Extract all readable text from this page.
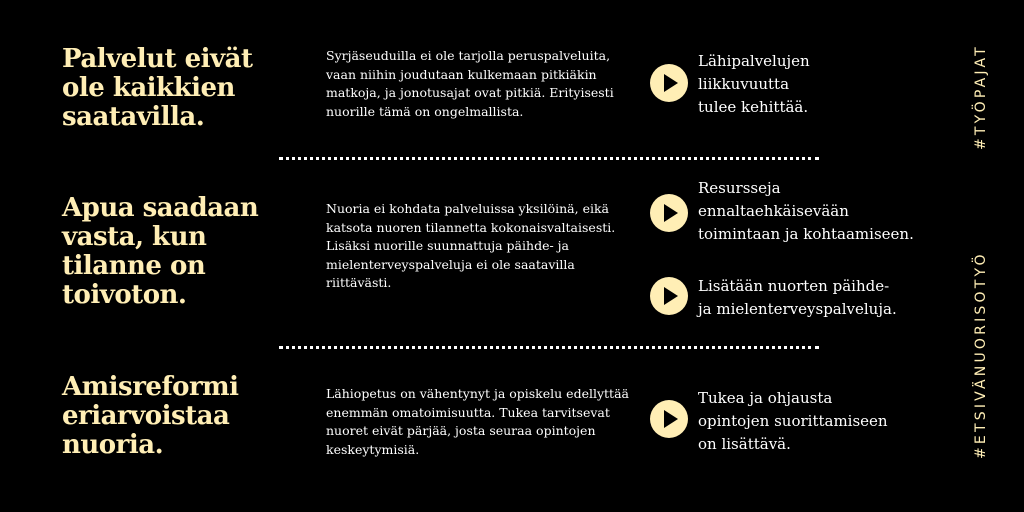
Palvelut eivät
ole kaikkien
saatavilla.

Syrjäseuduilla ei ole tarjolla peruspalveluita, vaan niihin joudutaan kulkemaan pitkiäkin matkoja, ja jonotusajat ovat pitkiä. Erityisesti nuorille tämä on ongelmallista.

Lähipalvelujen
liikkuvuutta
tulee kehittää.

Apua saadaan
vasta, kun
tilanne on
toivoton.

Nuoria ei kohdata palveluissa yksilöinä, eikä katsota nuoren tilannetta kokonaisvaltaisesti. Lisäksi nuorille suunnattuja päihde- ja mielenterveyspalveluja ei ole saatavilla riittävästi.

Resursseja
ennaltaehkäisevään
toimintaan ja kohtaamiseen.

Lisätään nuorten päihde-
ja mielenterveyspalveluja.

Amisreformi
eriarvoistaa
nuoria.

Lähiopetus on vähentynyt ja opiskelu edellyttää enemmän omatoimisuutta. Tukea tarvitsevat nuoret eivät pärjää, josta seuraa opintojen keskeytymisiä.

Tukea ja ohjausta
opintojen suorittamiseen
on lisättävä.	#ETSIVÄNUORISOTYÖ
#TYÖPAJAT
